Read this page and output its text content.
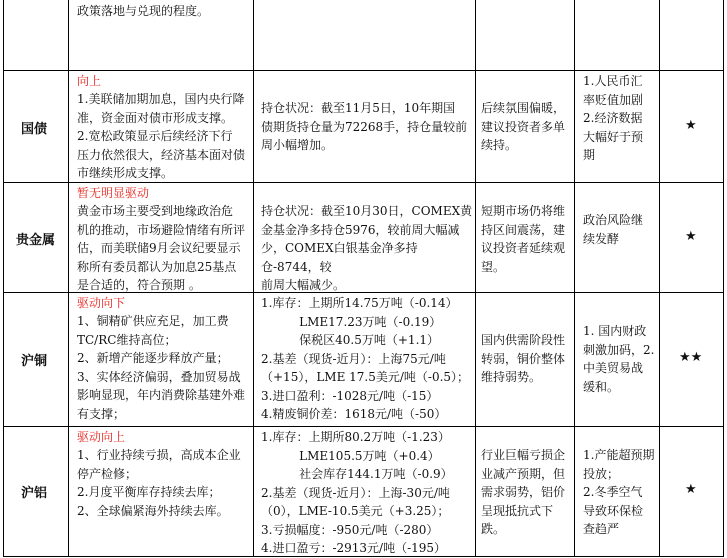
政策落地与兑现的程度。
国债
向上
1.美联储加期加息，国内央行降
准，资金面对债市形成支撑。
2.宽松政策显示后续经济下行
压力依然很大，经济基本面对债
市继续形成支撑。
持仓状况：截至11月5日，10年期国
债期货持仓量为72268手，持仓量较前
周小幅增加。
后续氛围偏暖，
建议投资者多单
续持。
1.人民币汇
率贬值加剧
2.经济数据
大幅好于预
期
★
贵金属
暂无明显驱动
黄金市场主要受到地缘政治危
机的推动，市场避险情绪有所评
估，而美联储9月会议纪要显示
称所有委员都认为加息25基点
是合适的，符合预期 。
持仓状况：截至10月30日，COMEX黄
金基金净多持仓5976，较前周大幅减
少，COMEX白银基金净多持仓-8744，较
前周大幅减少。
短期市场仍将维
持区间震荡，建
议投资者延续观
望。
政治风险继
续发酵	★
沪铜
驱动向下
1、铜精矿供应充足，加工费
TC/RC维持高位；
2、新增产能逐步释放产量；
3、实体经济偏弱，叠加贸易战
影响显现，年内消费除基建外难
有支撑；
1.库存：上期所14.75万吨（-0.14）
LME17.23万吨（-0.19）
保税区40.5万吨（+1.1）
2.基差（现货-近月）：上海75元/吨
（+15），LME 17.5美元/吨（-0.5）；
3.进口盈利：-1028元/吨（-15）
4.精废铜价差：1618元/吨（-50）
国内供需阶段性
转弱，铜价整体
维持弱势。
1. 国内财政
刺激加码，2.
中美贸易战
缓和。
★★
沪铝
驱动向上
1、行业持续亏损，高成本企业
停产检修；
2.月度平衡库存持续去库；
2、全球偏紧海外持续去库。
1.库存：上期所80.2万吨（-1.23）
LME105.5万吨（+0.4）
社会库存144.1万吨（-0.9）
2.基差（现货-近月）：上海-30元/吨
（0），LME-10.5美元（+3.25）；
3.亏损幅度：-950元/吨（-280）
4.进口盈亏：-2913元/吨（-195）
行业巨幅亏损企
业减产预期，但
需求弱势，铝价
呈现抵抗式下
跌。
1.产能超预期
投放；
2.冬季空气
导致环保检
查趋严
★
